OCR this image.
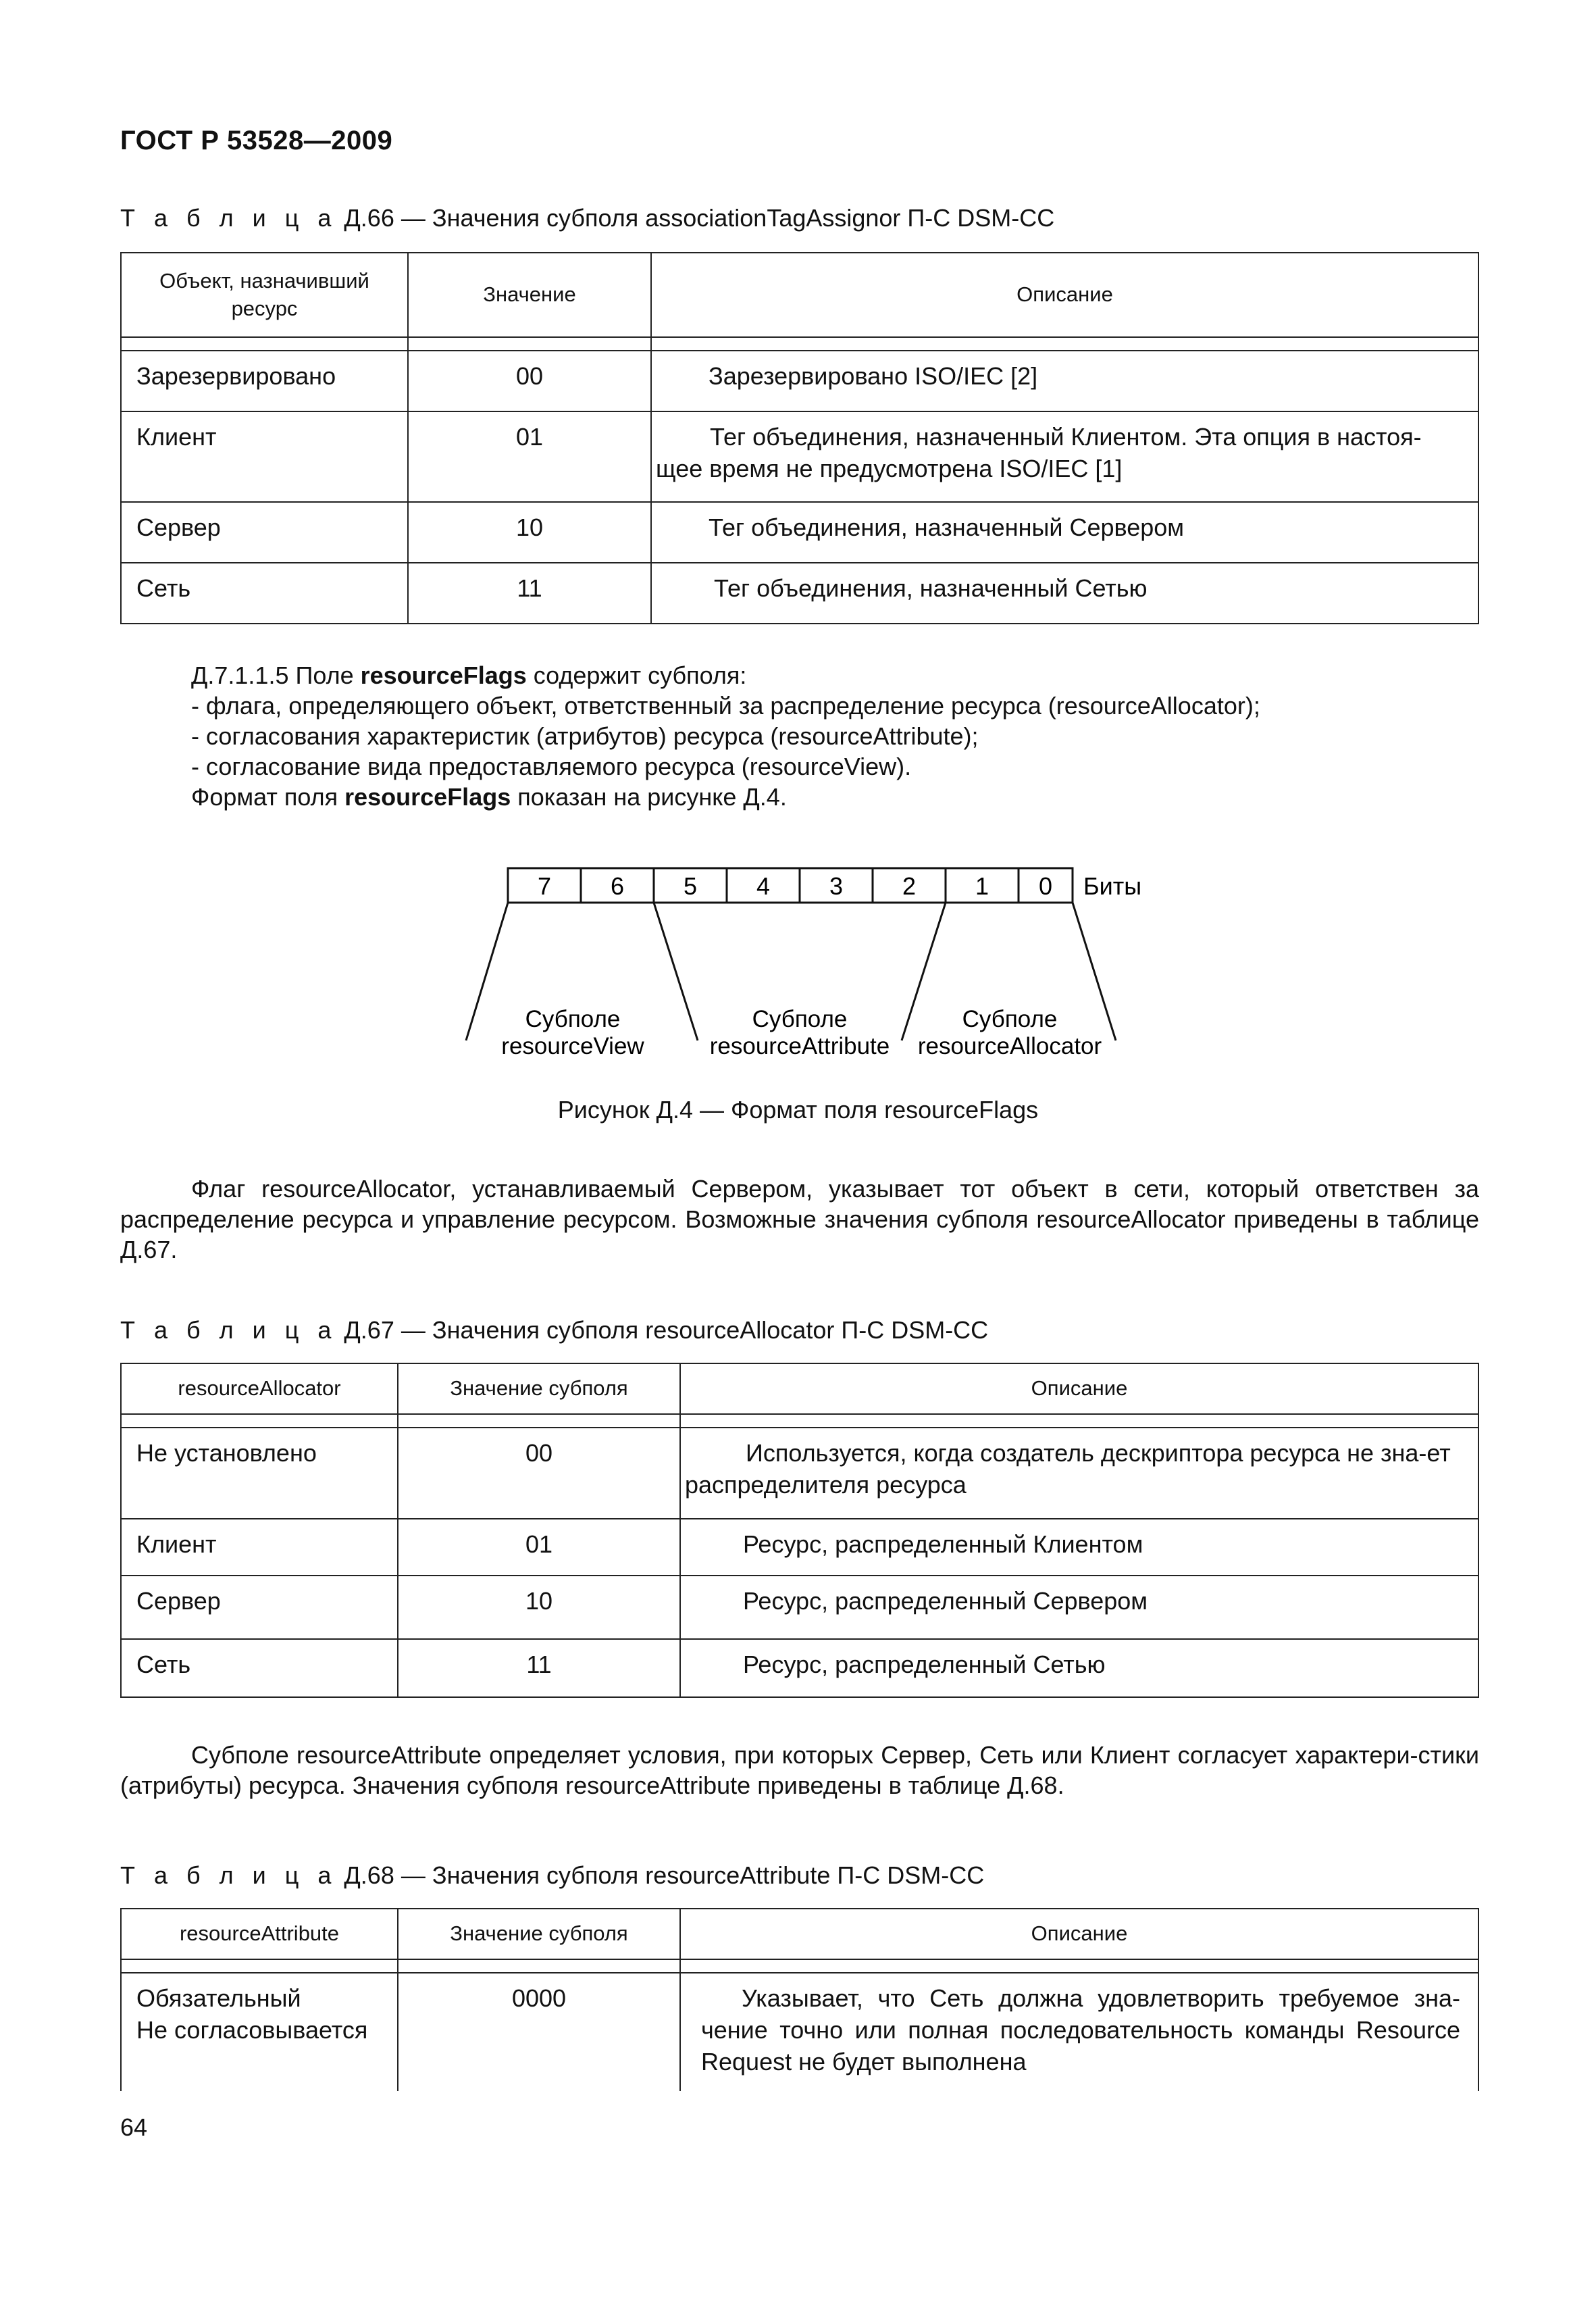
ГОСТ Р 53528—2009
Т а б л и ц а Д.66 — Значения субполя associationTagAssignor П-С DSM-CC
Объект, назначивший ресурс	Значение	Описание

Зарезервировано	00	Зарезервировано ISO/IEC [2]
Клиент	01	Тег объединения, назначенный Клиентом. Эта опция в настоя-щее время не предусмотрена ISO/IEC [1]
Сервер	10	Тег объединения, назначенный Сервером
Сеть	11	Тег объединения, назначенный Сетью

Д.7.1.1.5 Поле resourceFlags содержит субполя:

- флага, определяющего объект, ответственный за распределение ресурса (resourceAllocator);

- согласования характеристик (атрибутов) ресурса (resourceAttribute);

- согласование вида предоставляемого ресурса (resourceView).

Формат поля resourceFlags показан на рисунке Д.4.

7 6 5 4 3 2 1 0 Биты
Субполе
resourceView
Субполе
resourceAttribute
Субполе
resourceAllocator
Рисунок Д.4 — Формат поля resourceFlags

Флаг resourceAllocator, устанавливаемый Сервером, указывает тот объект в сети, который ответствен за распределение ресурса и управление ресурсом. Возможные значения субполя resourceAllocator приведены в таблице Д.67.

Т а б л и ц а Д.67 — Значения субполя resourceAllocator П-С DSM-CC
resourceAllocator	Значение субполя	Описание

Не установлено	00	Используется, когда создатель дескриптора ресурса не зна-ет распределителя ресурса
Клиент	01	Ресурс, распределенный Клиентом
Сервер	10	Ресурс, распределенный Сервером
Сеть	11	Ресурс, распределенный Сетью

Субполе resourceAttribute определяет условия, при которых Сервер, Сеть или Клиент согласует характери-стики (атрибуты) ресурса. Значения субполя resourceAttribute приведены в таблице Д.68.

Т а б л и ц а Д.68 — Значения субполя resourceAttribute П-С DSM-CC
resourceAttribute	Значение субполя	Описание

Обязательный
Не согласовывается	0000	Указывает, что Сеть должна удовлетворить требуемое зна-чение точно или полная последовательность команды Resource Request не будет выполнена
64
